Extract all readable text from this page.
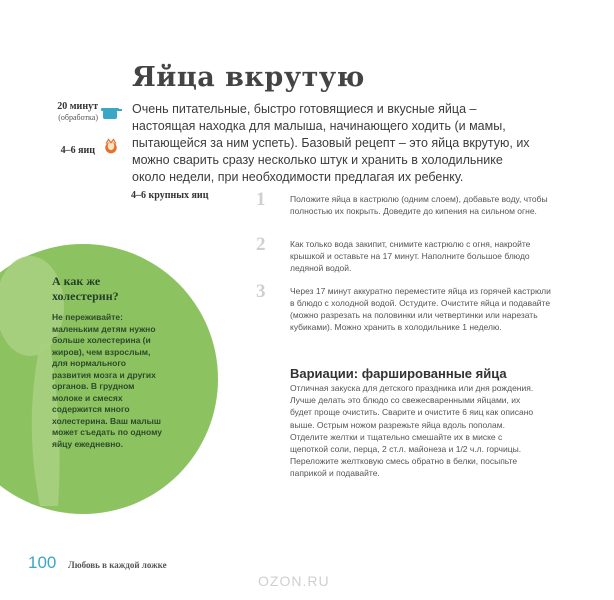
А как же холестерин?

Не переживайте: маленьким детям нужно больше холестерина (и жиров), чем взрослым, для нормального развития мозга и других органов. В грудном молоке и смесях содержится много холестерина. Ваш малыш может съедать по одному яйцу ежедневно.

20 минут
(обработка)
4–6 яиц
Яйца вкрутую

Очень питательные, быстро готовящиеся и вкусные яйца – настоящая находка для малыша, начинающего ходить (и мамы, пытающейся за ним успеть). Базовый рецепт – это яйца вкрутую, их можно сварить сразу несколько штук и хранить в холодильнике около недели, при необходимости предлагая их ребенку.

4–6 крупных яиц	1	Положите яйца в кастрюлю (одним слоем), добавьте воду, чтобы полностью их покрыть. Доведите до кипения на сильном огне.

2	Как только вода закипит, снимите кастрюлю с огня, накройте крышкой и оставьте на 17 минут. Наполните большое блюдо ледяной водой.

3	Через 17 минут аккуратно переместите яйца из горячей кастрюли в блюдо с холодной водой. Остудите. Очистите яйца и подавайте (можно разрезать на половинки или четвертинки или нарезать кубиками). Можно хранить в холодильнике 1 неделю.

Вариации: фаршированные яйца

Отличная закуска для детского праздника или дня рождения. Лучше делать это блюдо со свежесваренными яйцами, их будет проще очистить. Сварите и очистите 6 яиц как описано выше. Острым ножом разрежьте яйца вдоль пополам. Отделите желтки и тщательно смешайте их в миске с щепоткой соли, перца, 2 ст.л. майонеза и 1/2 ч.л. горчицы. Переложите желтковую смесь обратно в белки, посыпьте паприкой и подавайте.

100 Любовь в каждой ложке
OZON.RU
